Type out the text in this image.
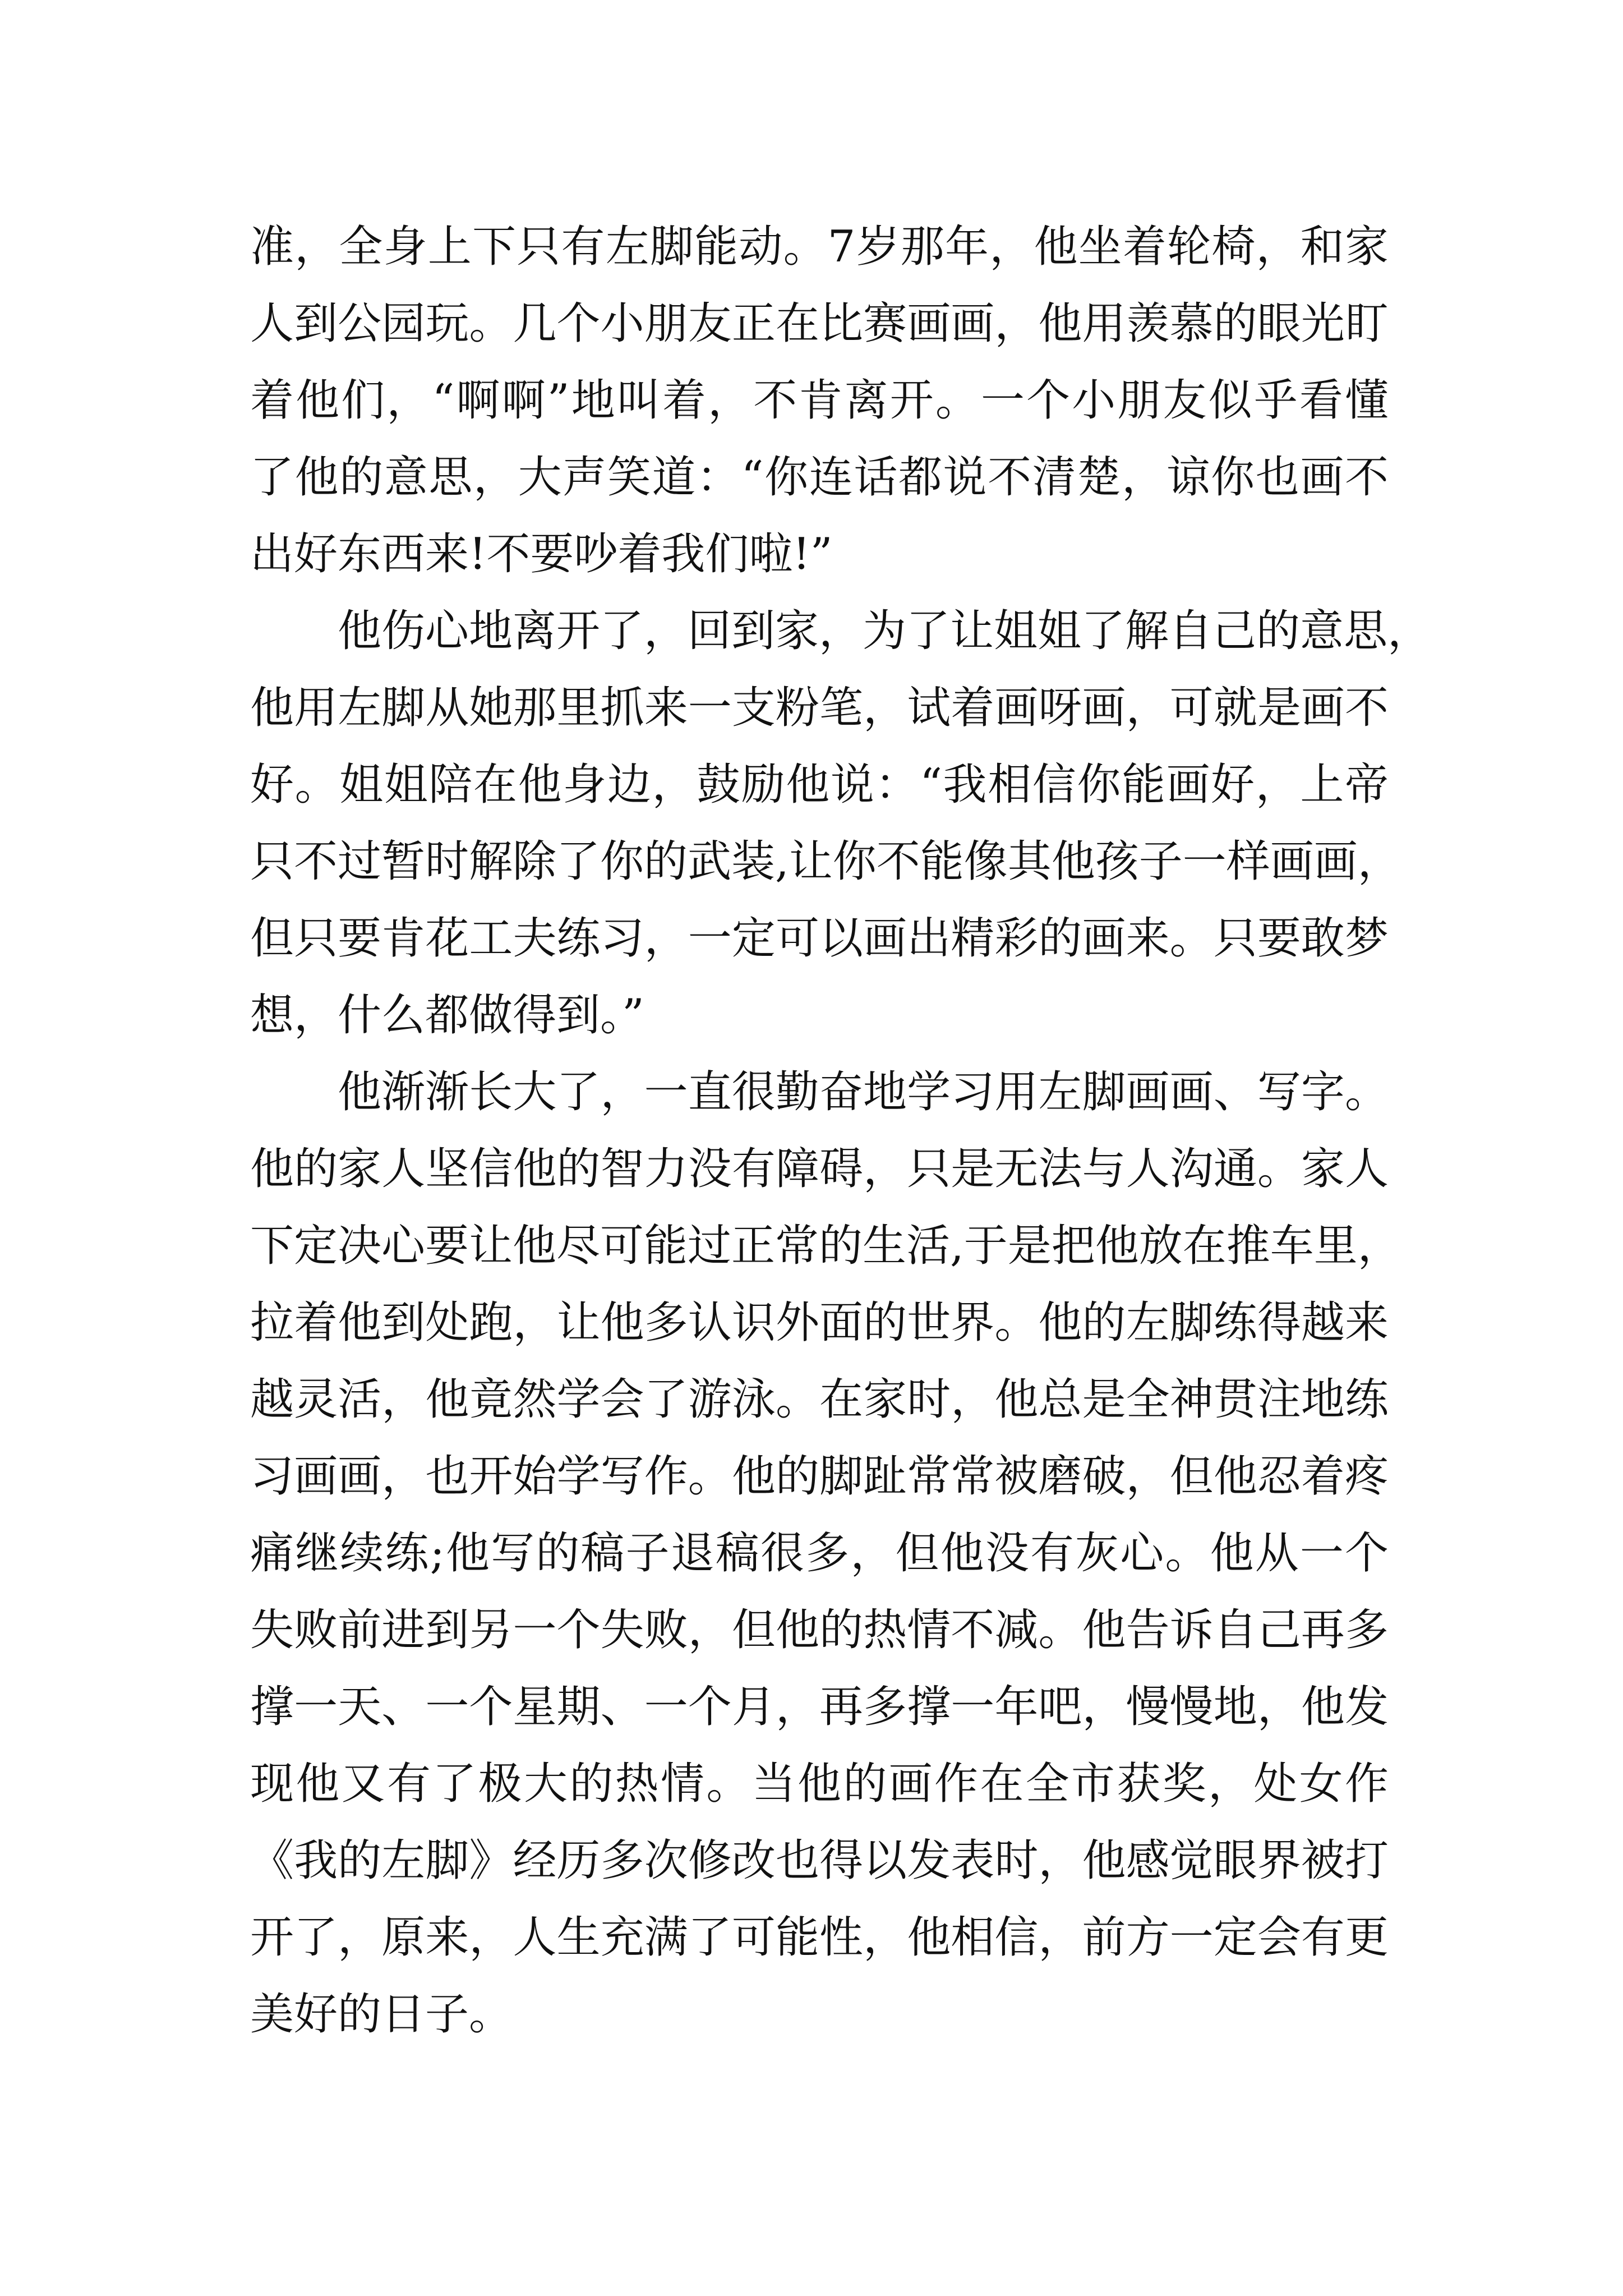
准，全身上下只有左脚能动。7岁那年，他坐着轮椅，和家
人到公园玩。几个小朋友正在比赛画画，他用羡慕的眼光盯
着他们，“啊啊”地叫着，不肯离开。一个小朋友似乎看懂
了他的意思，大声笑道：“你连话都说不清楚，谅你也画不
出好东西来!不要吵着我们啦!”
他伤心地离开了，回到家，为了让姐姐了解自己的意思，
他用左脚从她那里抓来一支粉笔，试着画呀画，可就是画不
好。姐姐陪在他身边，鼓励他说：“我相信你能画好，上帝
只不过暂时解除了你的武装,让你不能像其他孩子一样画画，
但只要肯花工夫练习，一定可以画出精彩的画来。只要敢梦
想，什么都做得到。”
他渐渐长大了，一直很勤奋地学习用左脚画画、写字。
他的家人坚信他的智力没有障碍，只是无法与人沟通。家人
下定决心要让他尽可能过正常的生活,于是把他放在推车里，
拉着他到处跑，让他多认识外面的世界。他的左脚练得越来
越灵活，他竟然学会了游泳。在家时，他总是全神贯注地练
习画画，也开始学写作。他的脚趾常常被磨破，但他忍着疼
痛继续练;他写的稿子退稿很多，但他没有灰心。他从一个
失败前进到另一个失败，但他的热情不减。他告诉自己再多
撑一天、一个星期、一个月，再多撑一年吧，慢慢地，他发
现他又有了极大的热情。当他的画作在全市获奖，处女作
《我的左脚》经历多次修改也得以发表时，他感觉眼界被打
开了，原来，人生充满了可能性，他相信，前方一定会有更
美好的日子。
